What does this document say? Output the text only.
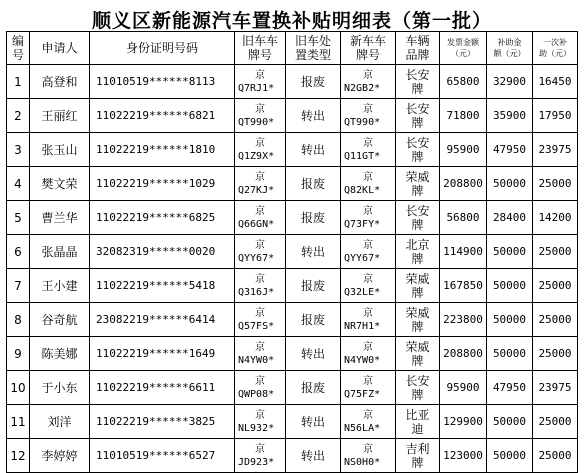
顺义区新能源汽车置换补贴明细表（第一批）
编
号	申请人	身份证明号码	旧车车
牌号	旧车处
置类型	新车车
牌号	车辆
品牌	发票金额
（元）	补助金
额（元）	一次补
助（元）
1	高登和	11010519******8113	京
Q7RJ1*	报废	京
N2GB2*	长安
牌	65800	32900	16450
2	王丽红	11022219******6821	京
QT990*	转出	京
QT990*	长安
牌	71800	35900	17950
3	张玉山	11022219******1810	京
Q1Z9X*	转出	京
Q11GT*	长安
牌	95900	47950	23975
4	樊文荣	11022219******1029	京
Q27KJ*	报废	京
Q82KL*	荣威
牌	208800	50000	25000
5	曹兰华	11022219******6825	京
Q66GN*	报废	京
Q73FY*	长安
牌	56800	28400	14200
6	张晶晶	32082319******0020	京
QYY67*	转出	京
QYY67*	北京
牌	114900	50000	25000
7	王小建	11022219******5418	京
Q316J*	报废	京
Q32LE*	荣威
牌	167850	50000	25000
8	谷奇航	23082219******6414	京
Q57FS*	报废	京
NR7H1*	荣威
牌	223800	50000	25000
9	陈美娜	11022219******1649	京
N4YW0*	转出	京
N4YW0*	荣威
牌	208800	50000	25000
10	于小东	11022219******6611	京
QWP08*	报废	京
Q75FZ*	长安
牌	95900	47950	23975
11	刘洋	11022219******3825	京
NL932*	转出	京
N56LA*	比亚
迪	129900	50000	25000
12	李婷婷	11010519******6527	京
JD923*	转出	京
NS0H0*	吉利
牌	123000	50000	25000
